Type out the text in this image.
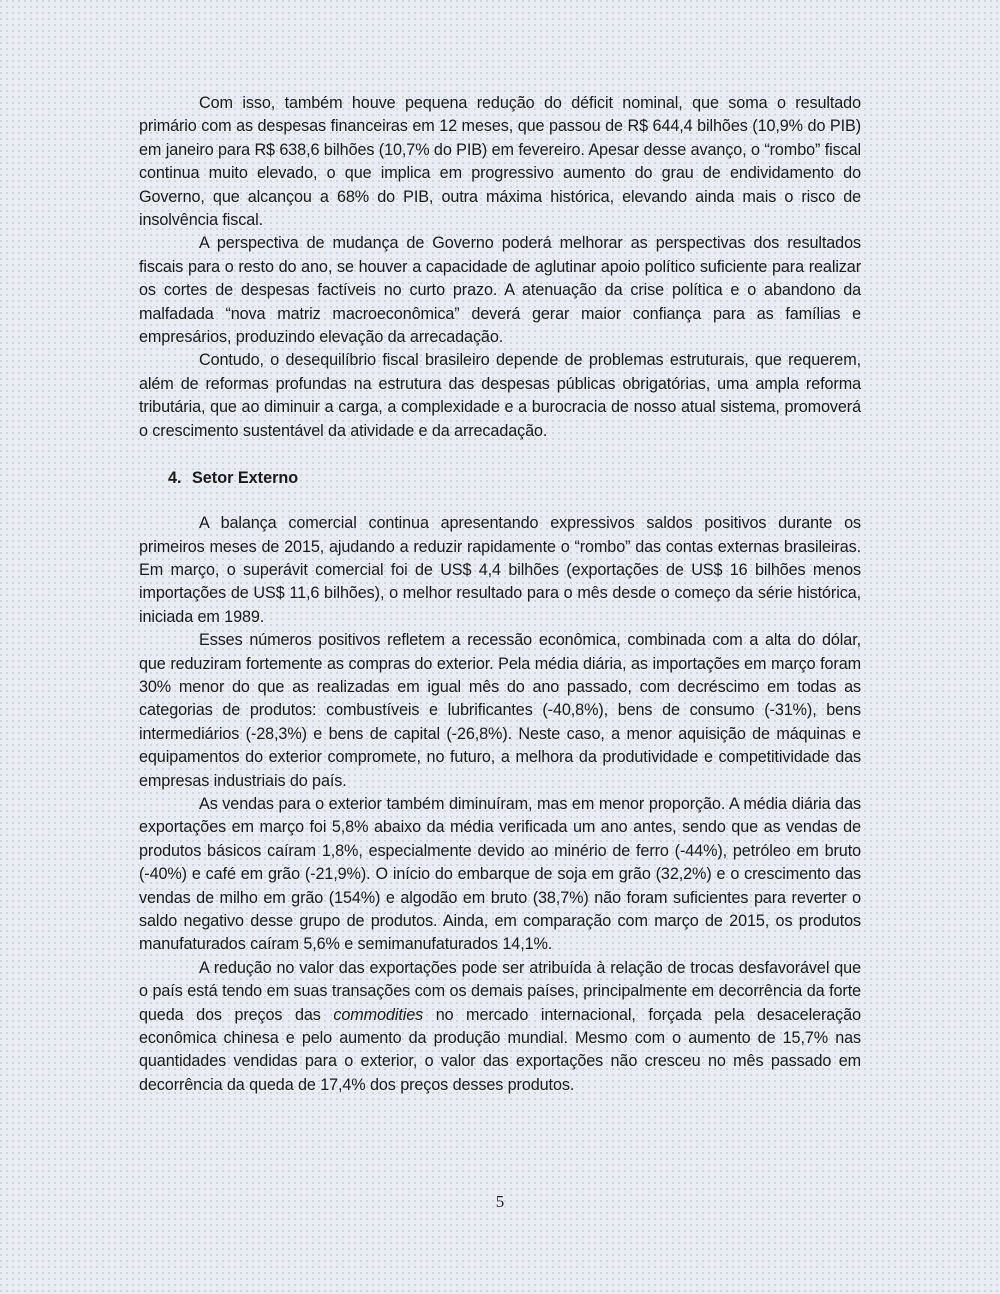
Com isso, também houve pequena redução do déficit nominal, que soma o resultado primário com as despesas financeiras em 12 meses, que passou de R$ 644,4 bilhões (10,9% do PIB) em janeiro para R$ 638,6 bilhões (10,7% do PIB) em fevereiro. Apesar desse avanço, o “rombo” fiscal continua muito elevado, o que implica em progressivo aumento do grau de endividamento do Governo, que alcançou a 68% do PIB, outra máxima histórica, elevando ainda mais o risco de insolvência fiscal.

A perspectiva de mudança de Governo poderá melhorar as perspectivas dos resultados fiscais para o resto do ano, se houver a capacidade de aglutinar apoio político suficiente para realizar os cortes de despesas factíveis no curto prazo. A atenuação da crise política e o abandono da malfadada “nova matriz macroeconômica” deverá gerar maior confiança para as famílias e empresários, produzindo elevação da arrecadação.

Contudo, o desequilíbrio fiscal brasileiro depende de problemas estruturais, que requerem, além de reformas profundas na estrutura das despesas públicas obrigatórias, uma ampla reforma tributária, que ao diminuir a carga, a complexidade e a burocracia de nosso atual sistema, promoverá o crescimento sustentável da atividade e da arrecadação.

4. Setor Externo

A balança comercial continua apresentando expressivos saldos positivos durante os primeiros meses de 2015, ajudando a reduzir rapidamente o “rombo” das contas externas brasileiras. Em março, o superávit comercial foi de US$ 4,4 bilhões (exportações de US$ 16 bilhões menos importações de US$ 11,6 bilhões), o melhor resultado para o mês desde o começo da série histórica, iniciada em 1989.

Esses números positivos refletem a recessão econômica, combinada com a alta do dólar, que reduziram fortemente as compras do exterior. Pela média diária, as importações em março foram 30% menor do que as realizadas em igual mês do ano passado, com decréscimo em todas as categorias de produtos: combustíveis e lubrificantes (-40,8%), bens de consumo (-31%), bens intermediários (-28,3%) e bens de capital (-26,8%). Neste caso, a menor aquisição de máquinas e equipamentos do exterior compromete, no futuro, a melhora da produtividade e competitividade das empresas industriais do país.

As vendas para o exterior também diminuíram, mas em menor proporção. A média diária das exportações em março foi 5,8% abaixo da média verificada um ano antes, sendo que as vendas de produtos básicos caíram 1,8%, especialmente devido ao minério de ferro (-44%), petróleo em bruto (-40%) e café em grão (-21,9%). O início do embarque de soja em grão (32,2%) e o crescimento das vendas de milho em grão (154%) e algodão em bruto (38,7%) não foram suficientes para reverter o saldo negativo desse grupo de produtos. Ainda, em comparação com março de 2015, os produtos manufaturados caíram 5,6% e semimanufaturados 14,1%.

A redução no valor das exportações pode ser atribuída à relação de trocas desfavorável que o país está tendo em suas transações com os demais países, principalmente em decorrência da forte queda dos preços das commodities no mercado internacional, forçada pela desaceleração econômica chinesa e pelo aumento da produção mundial. Mesmo com o aumento de 15,7% nas quantidades vendidas para o exterior, o valor das exportações não cresceu no mês passado em decorrência da queda de 17,4% dos preços desses produtos.

5
